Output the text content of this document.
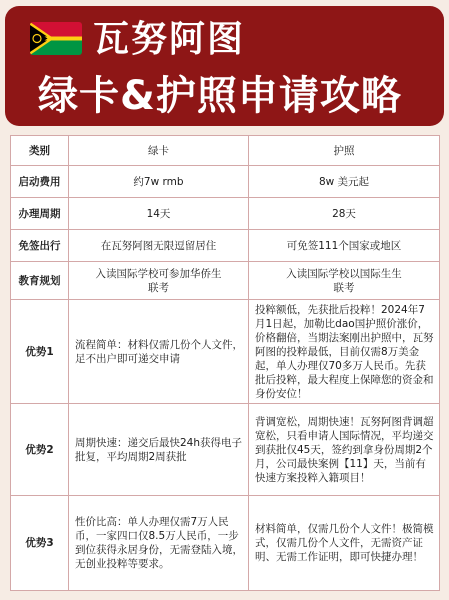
瓦努阿图
绿卡&护照申请攻略
类别	绿卡	护照
启动费用	约7w rmb	8w 美元起
办理周期	14天	28天
免签出行	在瓦努阿图无限逗留居住	可免签111个国家或地区
教育规划	入读国际学校可参加华侨生联考	入读国际学校以国际生生联考
优势1	流程简单：材料仅需几份个人文件，足不出户即可递交申请	投粹额低，先获批后投粹！2024年7月1日起，加勒比dao国护照价涨价，价格翻倍，当期法案刚出护照中，瓦努阿图的投粹最低，目前仅需8万美金起，单人办理仅70多万人民币。先获批后投粹，最大程度上保障您的资金和身份安位！
优势2	周期快速：递交后最快24h获得电子批复，平均周期2周获批	背调宽松，周期快速！瓦努阿图背调超宽松，只看申请人国际情况，平均递交到获批仅45天，签约到拿身份周期2个月，公司最快案例【11】天，当前有快速方案投粹入籍项目！
优势3	性价比高：单人办理仅需7万人民币，一家四口仅8.5万人民币，一步到位获得永居身份，无需登陆入境，无创业投粹等要求。	材料简单，仅需几份个人文件！极简模式，仅需几份个人文件，无需资产证明、无需工作证明，即可快捷办理！
